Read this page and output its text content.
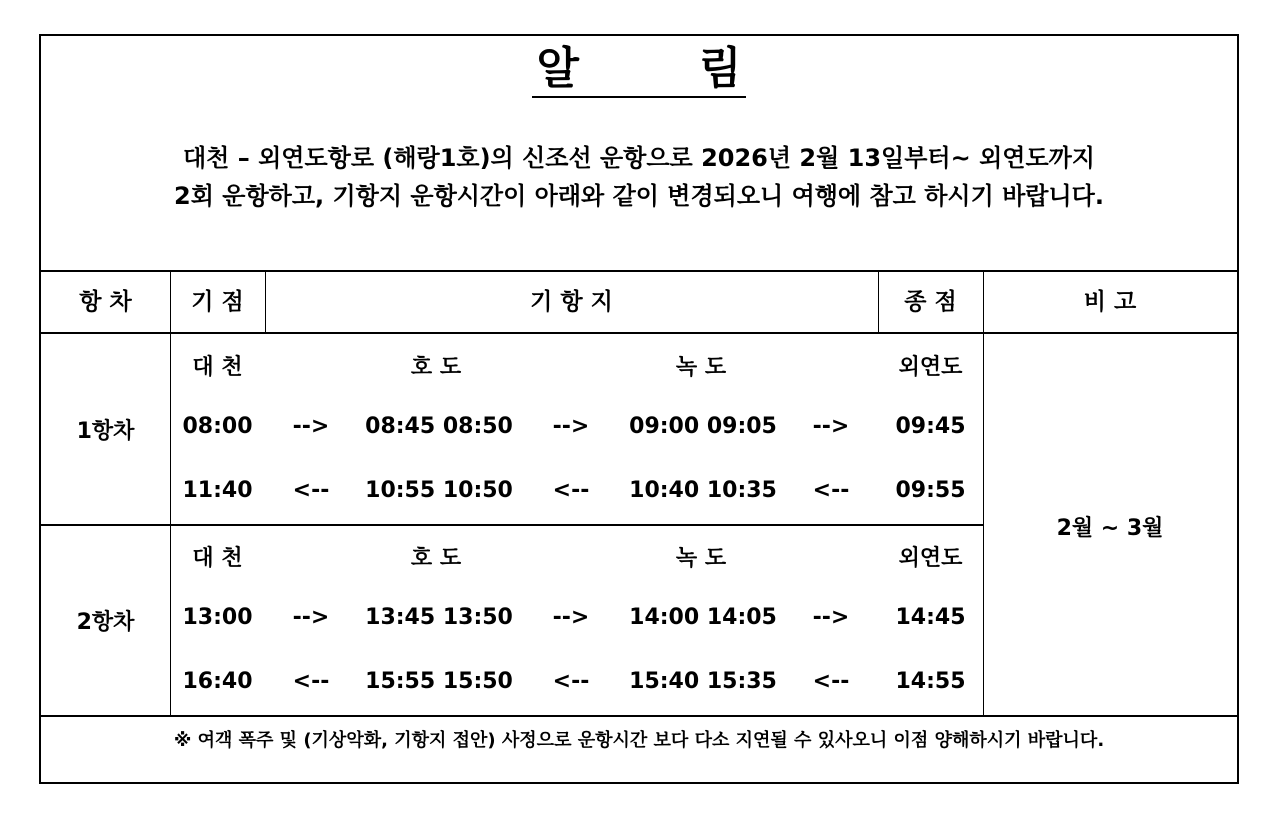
알	림
대천 – 외연도항로 (해랑1호)의 신조선 운항으로 2026년 2월 13일부터~ 외연도까지
2회 운항하고, 기항지 운항시간이 아래와 같이 변경되오니 여행에 참고 하시기 바랍니다.
항 차	기 점	기 항 지	종 점	비 고
1항차
대 천	호 도	녹 도	외연도
08:00	-->	08:45 08:50	-->	09:00 09:05	-->	09:45
11:40	<--	10:55 10:50	<--	10:40 10:35	<--	09:55
2항차
대 천	호 도	녹 도	외연도
13:00	-->	13:45 13:50	-->	14:00 14:05	-->	14:45
16:40	<--	15:55 15:50	<--	15:40 15:35	<--	14:55
2월 ~ 3월
※ 여객 폭주 및 (기상악화, 기항지 접안) 사정으로 운항시간 보다 다소 지연될 수 있사오니 이점 양해하시기 바랍니다.
